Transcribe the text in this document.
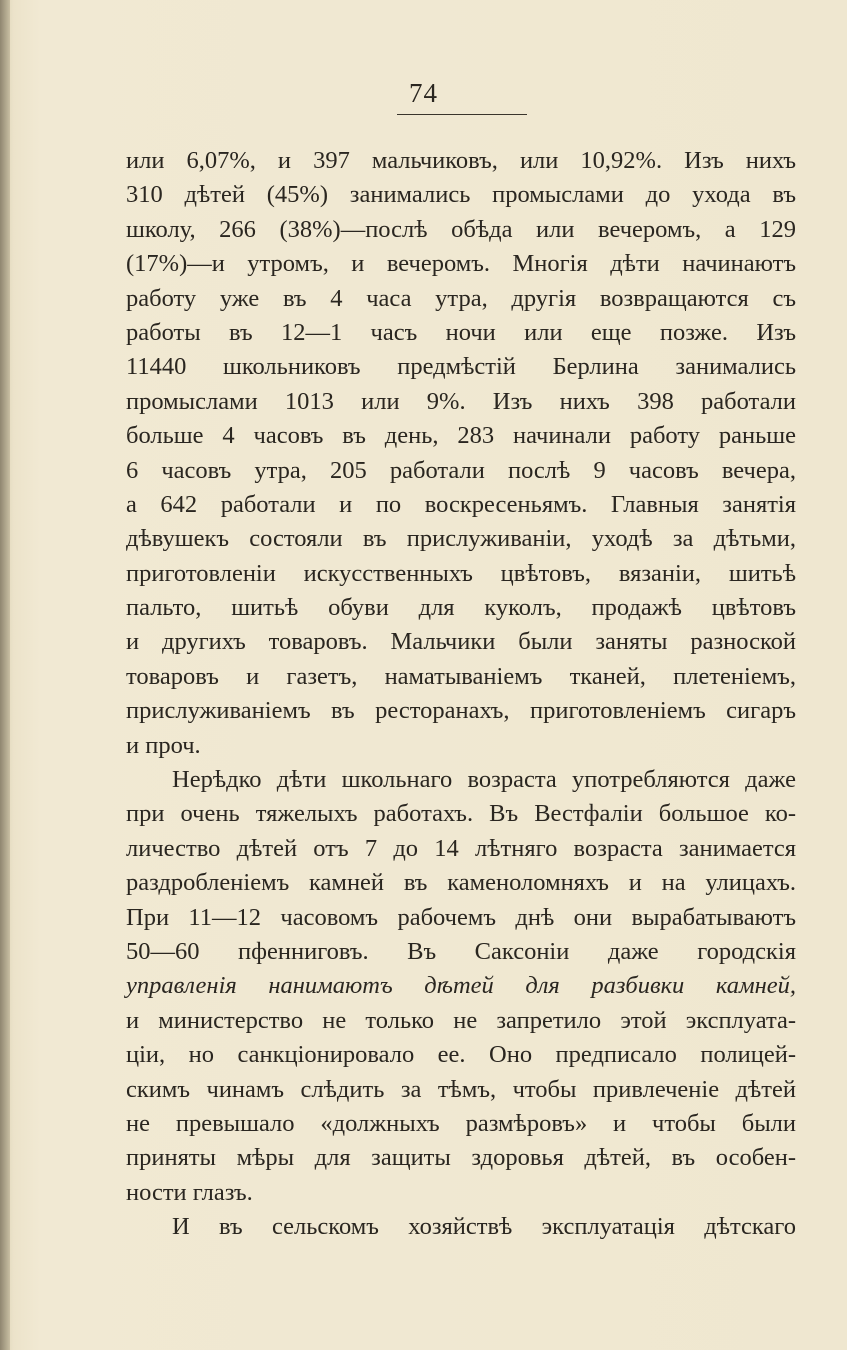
74
или 6,07%, и 397 мальчиковъ, или 10,92%. Изъ нихъ
310 дѣтей (45%) занимались промыслами до ухода въ
школу, 266 (38%)—послѣ обѣда или вечеромъ, а 129
(17%)—и утромъ, и вечеромъ. Многія дѣти начинаютъ
работу уже въ 4 часа утра, другія возвращаются съ
работы въ 12—1 часъ ночи или еще позже. Изъ
11440 школьниковъ предмѣстій Берлина занимались
промыслами 1013 или 9%. Изъ нихъ 398 работали
больше 4 часовъ въ день, 283 начинали работу раньше
6 часовъ утра, 205 работали послѣ 9 часовъ вечера,
а 642 работали и по воскресеньямъ. Главныя занятія
дѣвушекъ состояли въ прислуживаніи, уходѣ за дѣтьми,
приготовленіи искусственныхъ цвѣтовъ, вязаніи, шитьѣ
пальто, шитьѣ обуви для куколъ, продажѣ цвѣтовъ
и другихъ товаровъ. Мальчики были заняты разноской
товаровъ и газетъ, наматываніемъ тканей, плетеніемъ,
прислуживаніемъ въ ресторанахъ, приготовленіемъ сигаръ
и проч.
Нерѣдко дѣти школьнаго возраста употребляются даже
при очень тяжелыхъ работахъ. Въ Вестфаліи большое ко-
личество дѣтей отъ 7 до 14 лѣтняго возраста занимается
раздробленіемъ камней въ каменоломняхъ и на улицахъ.
При 11—12 часовомъ рабочемъ днѣ они вырабатываютъ
50—60 пфенниговъ. Въ Саксоніи даже городскія
управленія нанимаютъ дѣтей для разбивки камней,
и министерство не только не запретило этой эксплуата-
ціи, но санкціонировало ее. Оно предписало полицей-
скимъ чинамъ слѣдить за тѣмъ, чтобы привлеченіе дѣтей
не превышало «должныхъ размѣровъ» и чтобы были
приняты мѣры для защиты здоровья дѣтей, въ особен-
ности глазъ.
И въ сельскомъ хозяйствѣ эксплуатація дѣтскаго
